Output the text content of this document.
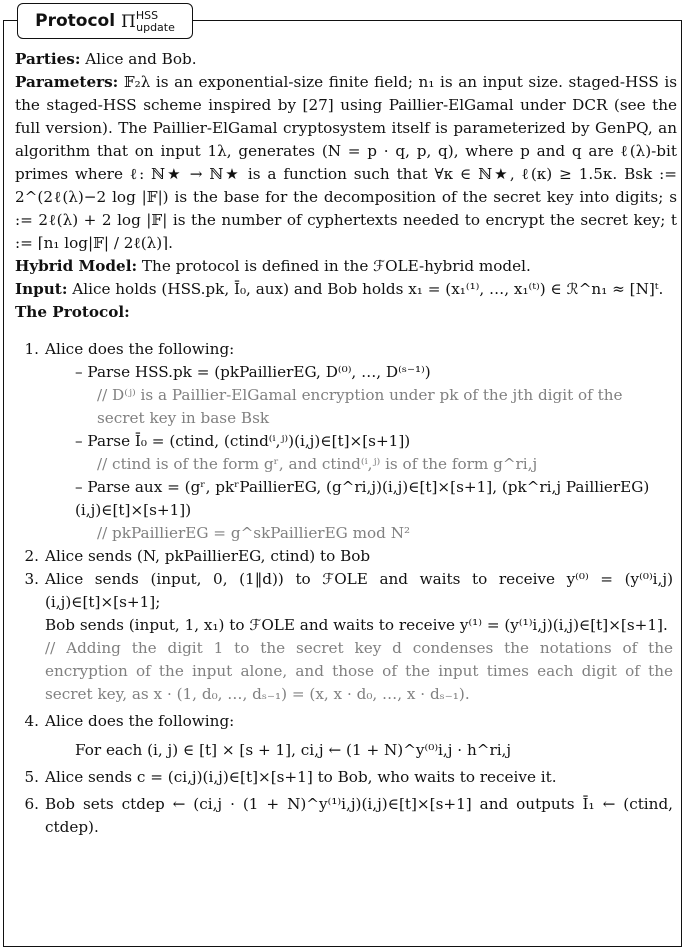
Protocol $\Pi^{HSS}_{update}$
Parties: Alice and Bob.
Parameters: 𝔽₂λ is an exponential-size finite field; n₁ is an input size. staged-HSS is the staged-HSS scheme inspired by [27] using Paillier-ElGamal under DCR (see the full version). The Paillier-ElGamal cryptosystem itself is parameterized by GenPQ, an algorithm that on input 1λ, generates (N = p · q, p, q), where p and q are ℓ(λ)-bit primes where ℓ: ℕ★ → ℕ★ is a function such that ∀κ ∈ ℕ★, ℓ(κ) ≥ 1.5κ. Bsk := 2^(2ℓ(λ)−2 log |𝔽|) is the base for the decomposition of the secret key into digits; s := 2ℓ(λ) + 2 log |𝔽| is the number of cyphertexts needed to encrypt the secret key; t := ⌈n₁ log|𝔽| / 2ℓ(λ)⌉.
Hybrid Model: The protocol is defined in the ℱOLE-hybrid model.
Input: Alice holds (HSS.pk, Ī₀, aux) and Bob holds x₁ = (x₁⁽¹⁾, …, x₁⁽ᵗ⁾) ∈ ℛ^n₁ ≈ [N]ᵗ.
The Protocol:
1. Alice does the following:
– Parse HSS.pk = (pkPaillierEG, D⁽⁰⁾, …, D⁽ˢ⁻¹⁾)
// D⁽ʲ⁾ is a Paillier-ElGamal encryption under pk of the jth digit of the secret key in base Bsk
– Parse Ī₀ = (ctind, (ctind⁽ⁱ,ʲ⁾)(i,j)∈[t]×[s+1])
// ctind is of the form gʳ, and ctind⁽ⁱ,ʲ⁾ is of the form g^ri,j
– Parse aux = (gʳ, pkʳPaillierEG, (g^ri,j)(i,j)∈[t]×[s+1], (pk^ri,j PaillierEG)(i,j)∈[t]×[s+1])
// pkPaillierEG = g^skPaillierEG mod N²
2. Alice sends (N, pkPaillierEG, ctind) to Bob
3. Alice sends (input, 0, (1‖d)) to ℱOLE and waits to receive y⁽⁰⁾ = (y⁽⁰⁾i,j)(i,j)∈[t]×[s+1];
Bob sends (input, 1, x₁) to ℱOLE and waits to receive y⁽¹⁾ = (y⁽¹⁾i,j)(i,j)∈[t]×[s+1].
// Adding the digit 1 to the secret key d condenses the notations of the encryption of the input alone, and those of the input times each digit of the secret key, as x · (1, d₀, …, dₛ₋₁) = (x, x · d₀, …, x · dₛ₋₁).
4. Alice does the following:
For each (i, j) ∈ [t] × [s + 1], ci,j ← (1 + N)^y⁽⁰⁾i,j · h^ri,j
5. Alice sends c = (ci,j)(i,j)∈[t]×[s+1] to Bob, who waits to receive it.
6. Bob sets ctdep ← (ci,j · (1 + N)^y⁽¹⁾i,j)(i,j)∈[t]×[s+1] and outputs Ī₁ ← (ctind, ctdep).
